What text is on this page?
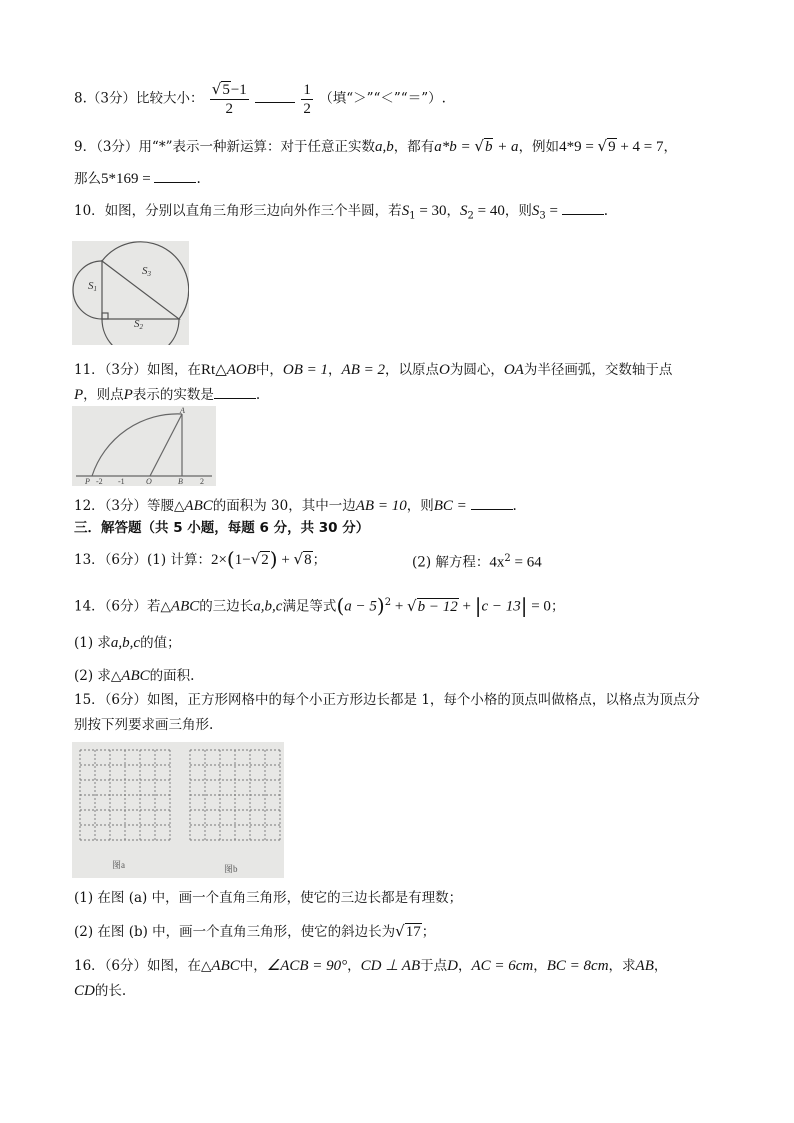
8.（3分）比较大小： $\frac{√5-1}{2}$
	$\frac{1}{2}$ （填“＞”“＜”“＝”）.
9．（3分）用“*”表示一种新运算：对于任意正实数a,b，都有a*b = √b + a，例如4*9 = √9 + 4 = 7，
那么5*169 =	.
10．如图，分别以直角三角形三边向外作三个半圆，若$S_1 = 30$，$S_2 = 40$，则$S_3$ =	.
S1
S3
S2
11．（3分）如图，在Rt△AOB中，OB = 1，AB = 2，以原点O为圆心，OA为半径画弧，交数轴于点
P，则点P表示的实数是	.
A
P -2 -1	O	B 2
12．（3分）等腰△ABC的面积为 30，其中一边AB = 10，则BC =	.
三．解答题（共 5 小题，每题 6 分，共 30 分）
13．（6分）(1) 计算：2×(1−√2) + √8；	(2) 解方程：$4x^2 = 64$
14．（6分）若△ABC的三边长a,b,c满足等式$(a - 5)^2 + √b - 12 + |c - 13| = 0$；
(1) 求a,b,c的值；
(2) 求△ABC的面积.
15．（6分）如图，正方形网格中的每个小正方形边长都是 1，每个小格的顶点叫做格点，以格点为顶点分
别按下列要求画三角形.
图a	图b
(1) 在图 (a) 中，画一个直角三角形，使它的三边长都是有理数；
(2) 在图 (b) 中，画一个直角三角形，使它的斜边长为√17；
16．（6分）如图，在△ABC中，∠ACB = 90°，CD ⊥ AB于点D，AC = 6cm，BC = 8cm，求AB，
CD的长.
